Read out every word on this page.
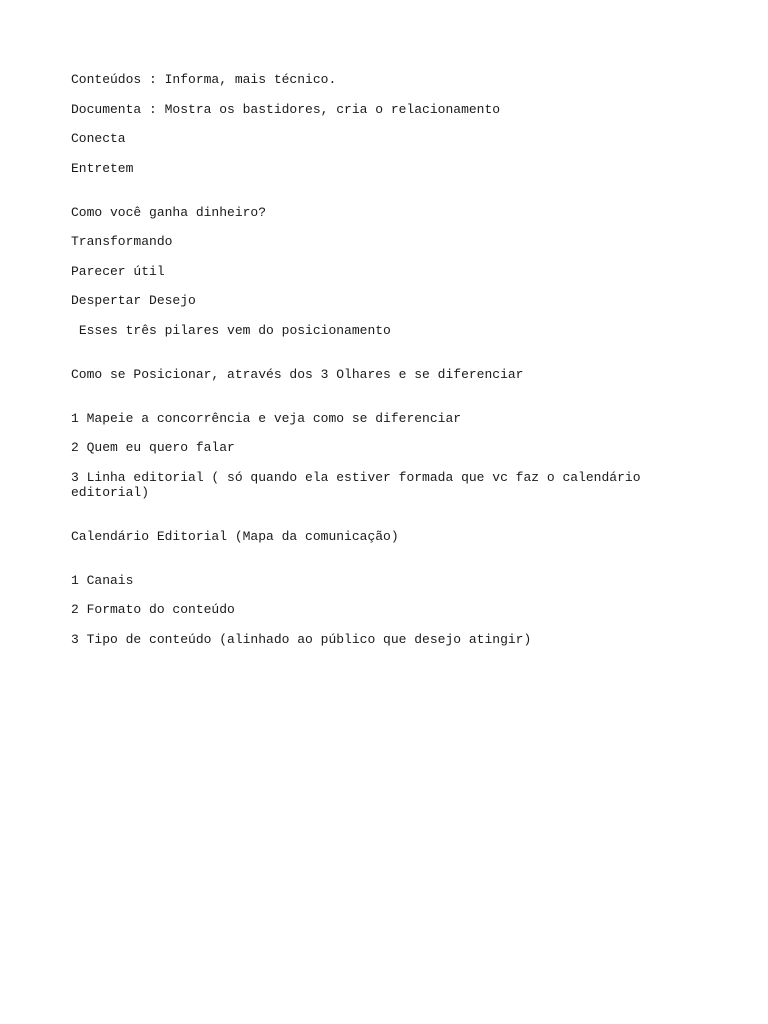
Conteúdos : Informa, mais técnico.

Documenta : Mostra os bastidores, cria o relacionamento

Conecta

Entretem

Como você ganha dinheiro?

Transformando

Parecer útil

Despertar Desejo

Esses três pilares vem do posicionamento

Como se Posicionar, através dos 3 Olhares e se diferenciar

1 Mapeie a concorrência e veja como se diferenciar

2 Quem eu quero falar

3 Linha editorial ( só quando ela estiver formada que vc faz o calendário editorial)

Calendário Editorial (Mapa da comunicação)

1 Canais

2 Formato do conteúdo

3 Tipo de conteúdo (alinhado ao público que desejo atingir)
